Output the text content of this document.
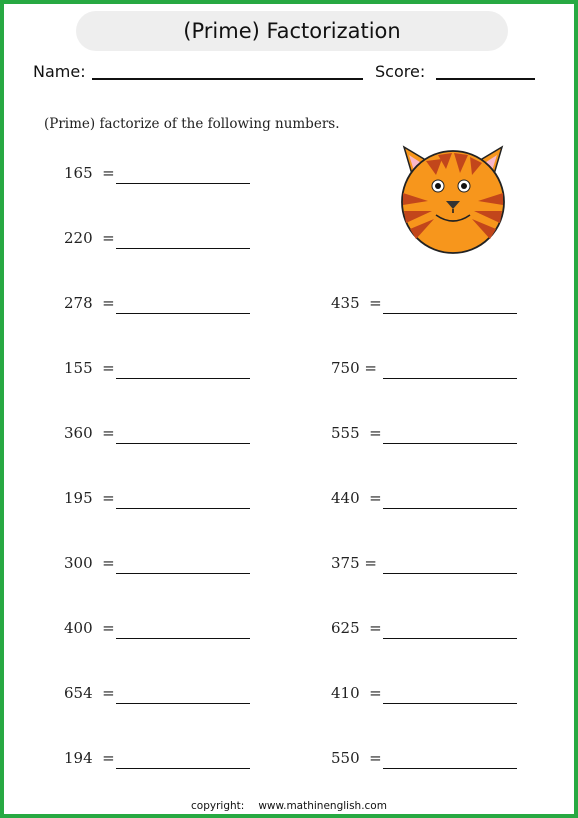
(Prime) Factorization
Name:	Score:
(Prime) factorize of the following numbers.
165  =
220  =
278  =
155  =
360  =
195  =
300  =
400  =
654  =
194  =
435  =
750 =
555  =
440  =
375 =
625  =
410  =
550  =
copyright: www.mathinenglish.com
